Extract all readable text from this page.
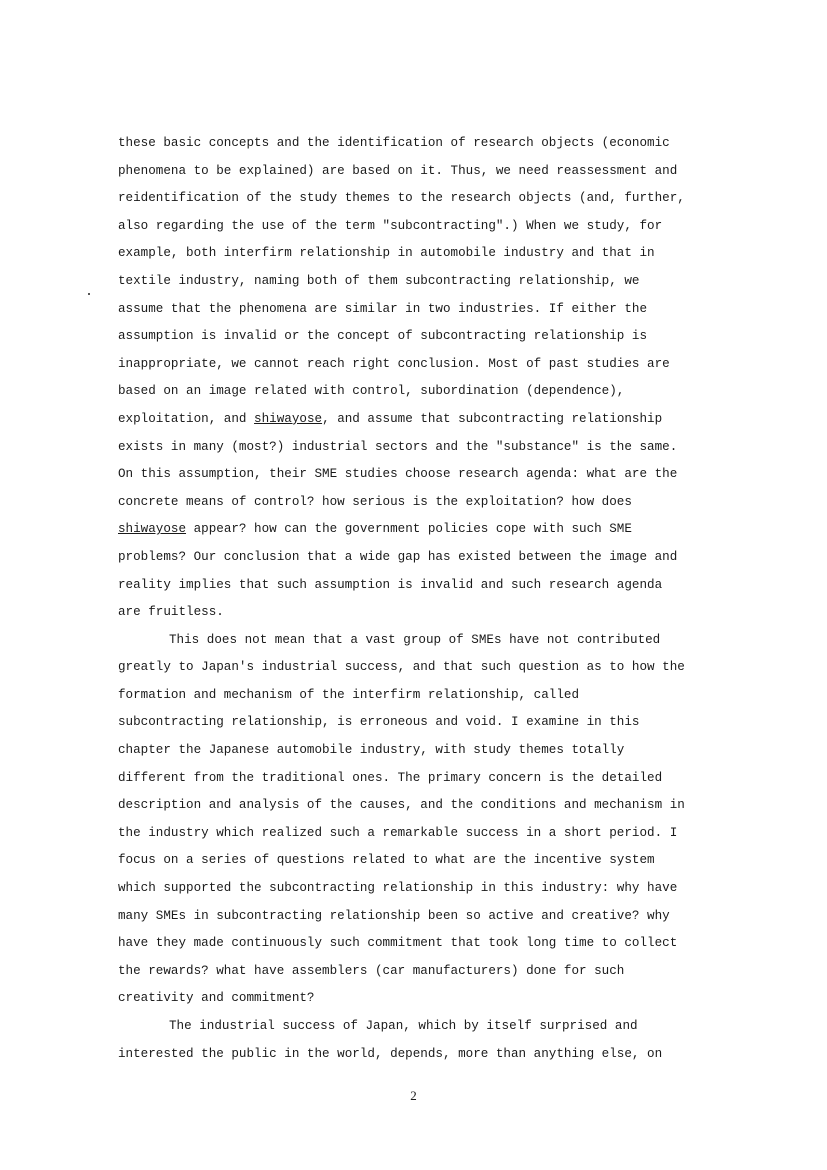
these basic concepts and the identification of research objects (economic
phenomena to be explained) are based on it. Thus, we need reassessment and
reidentification of the study themes to the research objects (and, further,
also regarding the use of the term "subcontracting".) When we study, for
example, both interfirm relationship in automobile industry and that in
textile industry, naming both of them subcontracting relationship, we
assume that the phenomena are similar in two industries. If either the
assumption is invalid or the concept of subcontracting relationship is
inappropriate, we cannot reach right conclusion. Most of past studies are
based on an image related with control, subordination (dependence),
exploitation, and shiwayose, and assume that subcontracting relationship
exists in many (most?) industrial sectors and the "substance" is the same.
On this assumption, their SME studies choose research agenda: what are the
concrete means of control? how serious is the exploitation? how does
shiwayose appear? how can the government policies cope with such SME
problems? Our conclusion that a wide gap has existed between the image and
reality implies that such assumption is invalid and such research agenda
are fruitless.
This does not mean that a vast group of SMEs have not contributed
greatly to Japan's industrial success, and that such question as to how the
formation and mechanism of the interfirm relationship, called
subcontracting relationship, is erroneous and void. I examine in this
chapter the Japanese automobile industry, with study themes totally
different from the traditional ones. The primary concern is the detailed
description and analysis of the causes, and the conditions and mechanism in
the industry which realized such a remarkable success in a short period. I
focus on a series of questions related to what are the incentive system
which supported the subcontracting relationship in this industry: why have
many SMEs in subcontracting relationship been so active and creative? why
have they made continuously such commitment that took long time to collect
the rewards? what have assemblers (car manufacturers) done for such
creativity and commitment?
The industrial success of Japan, which by itself surprised and
interested the public in the world, depends, more than anything else, on
2
